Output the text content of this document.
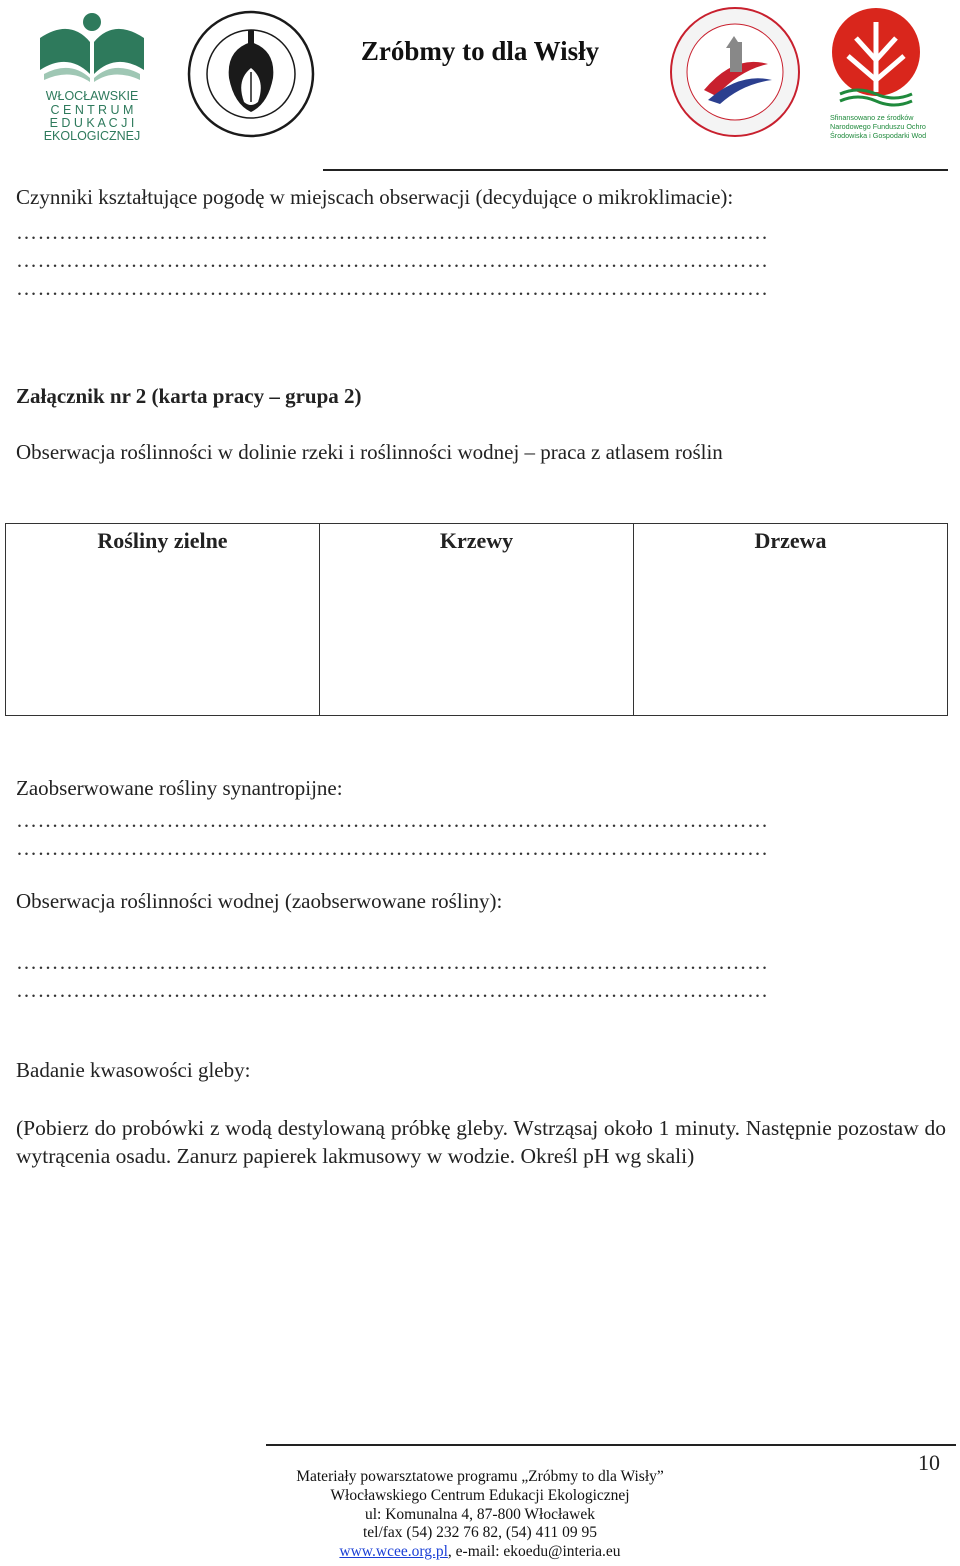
WŁOCŁAWSKIE
C E N T R U M
E D U K A C J I
EKOLOGICZNEJ
Zróbmy to dla Wisły
Sfinansowano ze środków
Narodowego Funduszu Ochrony
Środowiska i Gospodarki Wodnej
Czynniki kształtujące pogodę w miejscach obserwacji (decydujące o mikroklimacie):
……………………………………………………………………………………………
……………………………………………………………………………………………
……………………………………………………………………………………………
Załącznik nr 2 (karta pracy – grupa 2)
Obserwacja roślinności w dolinie rzeki i roślinności wodnej – praca z atlasem roślin
Rośliny zielne	Krzewy	Drzewa
Zaobserwowane rośliny synantropijne:
……………………………………………………………………………………………
……………………………………………………………………………………………
Obserwacja roślinności wodnej (zaobserwowane rośliny):
……………………………………………………………………………………………
……………………………………………………………………………………………
Badanie kwasowości gleby:
(Pobierz do probówki z wodą destylowaną próbkę gleby. Wstrząsaj około 1 minuty. Następnie pozostaw do wytrącenia osadu. Zanurz papierek lakmusowy w wodzie. Określ pH wg skali)
10
Materiały powarsztatowe programu „Zróbmy to dla Wisły”
Włocławskiego Centrum Edukacji Ekologicznej
ul: Komunalna 4, 87-800 Włocławek
tel/fax (54) 232 76 82, (54) 411 09 95
www.wcee.org.pl, e-mail: ekoedu@interia.eu
